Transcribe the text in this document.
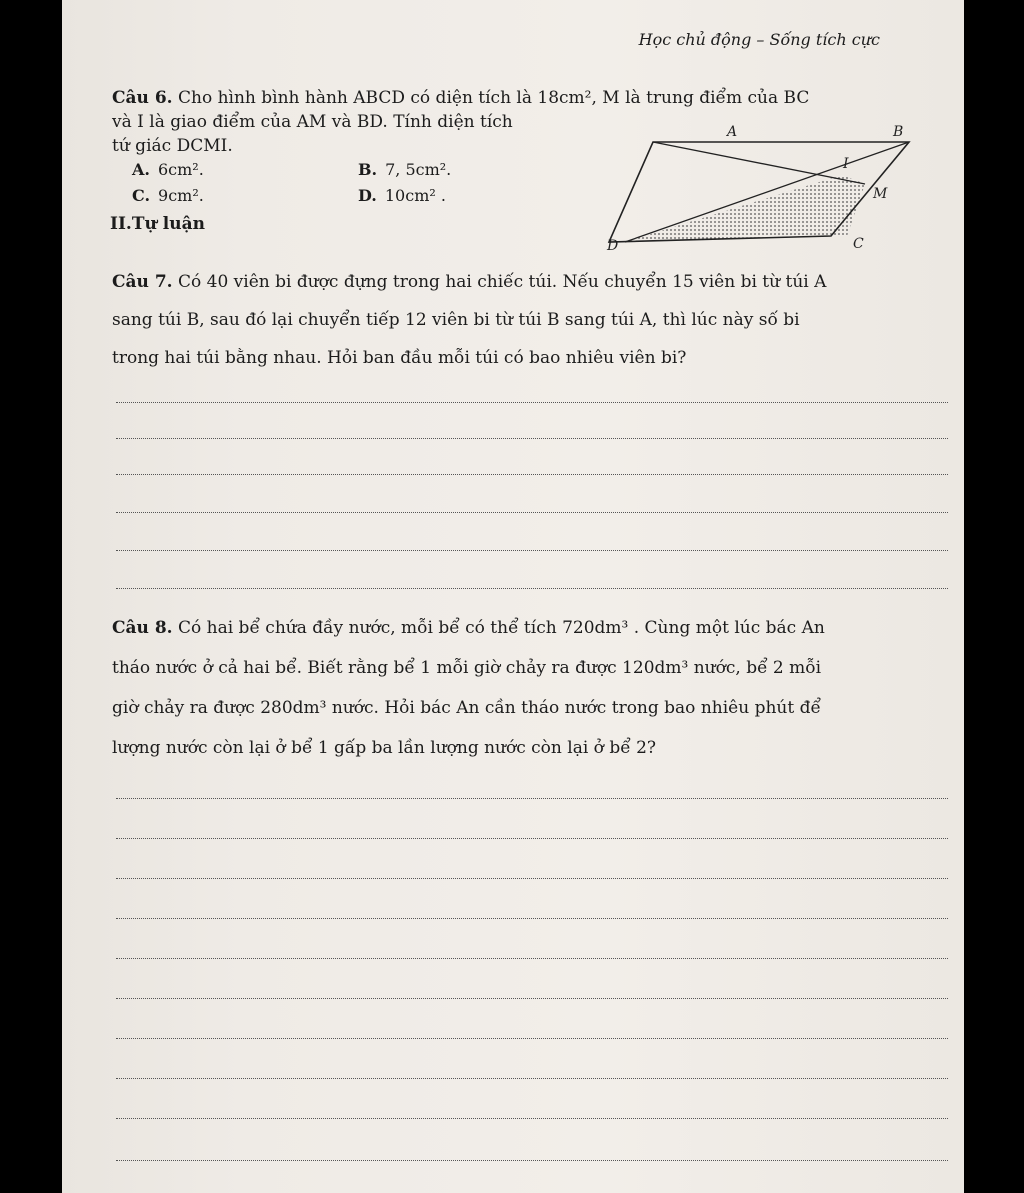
Học chủ động – Sống tích cực
Câu 6. Cho hình bình hành ABCD có diện tích là 18cm², M là trung điểm của BC
và I là giao điểm của AM và BD. Tính diện tích
tứ giác DCMI.
A. 6cm².	B. 7, 5cm².
C. 9cm².	D. 10cm² .
II.Tự luận
A	B
I
M
C
D
Câu 7. Có 40 viên bi được đựng trong hai chiếc túi. Nếu chuyển 15 viên bi từ túi A
sang túi B, sau đó lại chuyển tiếp 12 viên bi từ túi B sang túi A, thì lúc này số bi
trong hai túi bằng nhau. Hỏi ban đầu mỗi túi có bao nhiêu viên bi?
Câu 8. Có hai bể chứa đầy nước, mỗi bể có thể tích 720dm³ . Cùng một lúc bác An
tháo nước ở cả hai bể. Biết rằng bể 1 mỗi giờ chảy ra được 120dm³ nước, bể 2 mỗi
giờ chảy ra được 280dm³ nước. Hỏi bác An cần tháo nước trong bao nhiêu phút để
lượng nước còn lại ở bể 1 gấp ba lần lượng nước còn lại ở bể 2?
